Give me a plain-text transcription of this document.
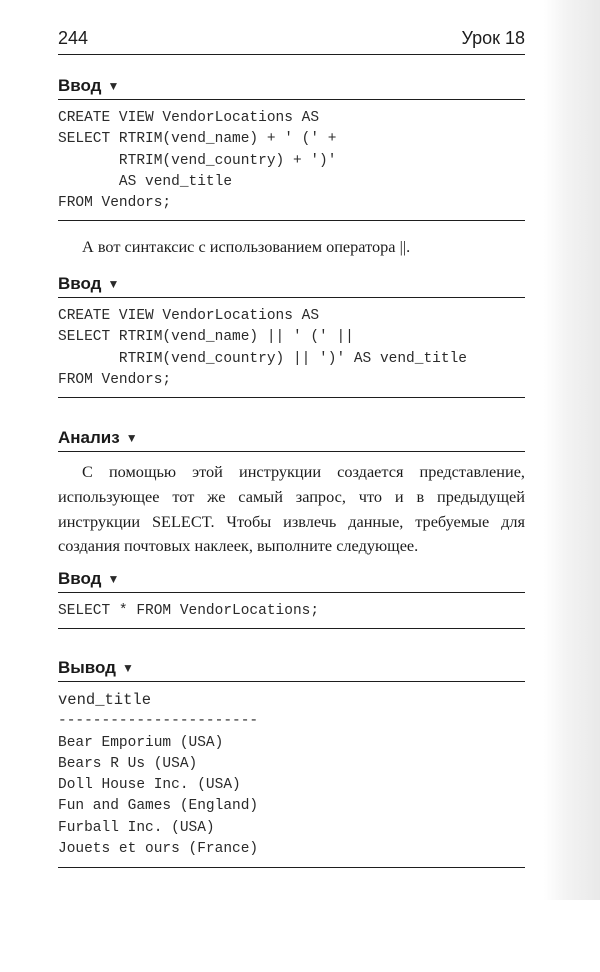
244	Урок 18
Ввод ▼
CREATE VIEW VendorLocations AS
SELECT RTRIM(vend_name) + ' (' +
RTRIM(vend_country) + ')'
AS vend_title
FROM Vendors;

А вот синтаксис с использованием оператора ||.

Ввод ▼
CREATE VIEW VendorLocations AS
SELECT RTRIM(vend_name) || ' (' ||
RTRIM(vend_country) || ')' AS vend_title
FROM Vendors;
Анализ ▼

С помощью этой инструкции создается представление, использующее тот же самый запрос, что и в предыдущей инструкции SELECT. Чтобы извлечь данные, требуемые для создания почтовых наклеек, выполните следующее.

Ввод ▼
SELECT * FROM VendorLocations;
Вывод ▼
vend_title
-----------------------
Bear Emporium (USA)
Bears R Us (USA)
Doll House Inc. (USA)
Fun and Games (England)
Furball Inc. (USA)
Jouets et ours (France)
